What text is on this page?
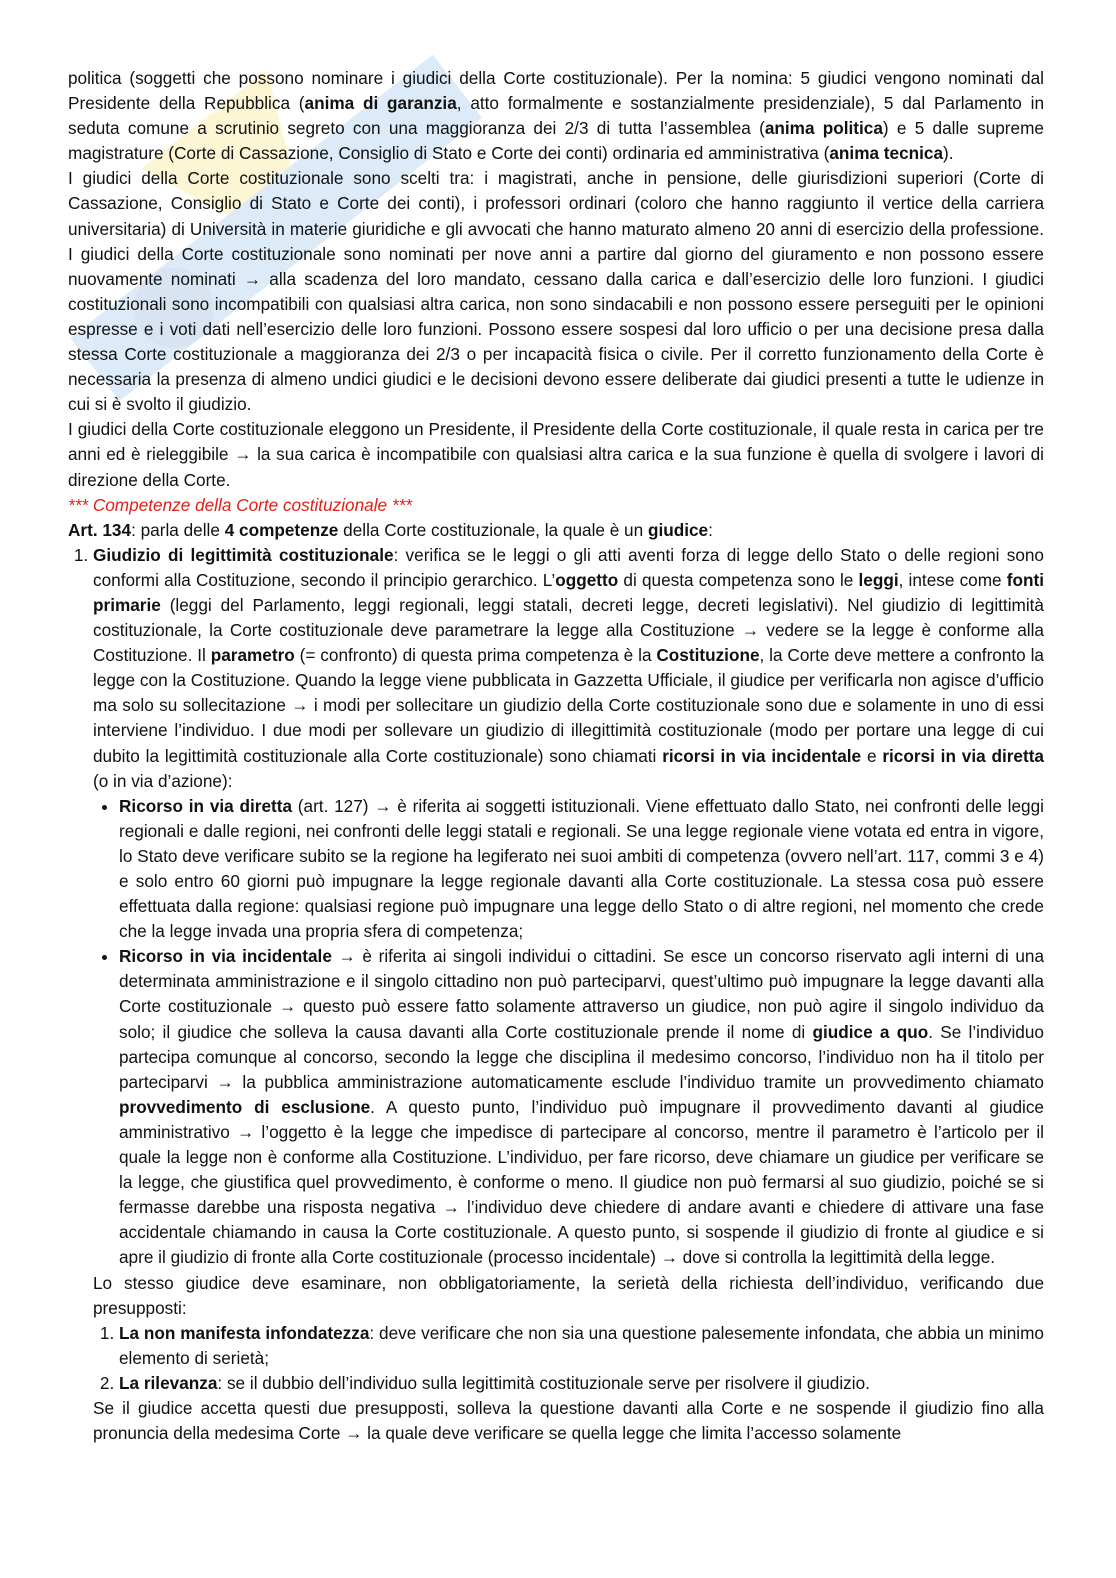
politica (soggetti che possono nominare i giudici della Corte costituzionale). Per la nomina: 5 giudici vengono nominati dal Presidente della Repubblica (anima di garanzia, atto formalmente e sostanzialmente presidenziale), 5 dal Parlamento in seduta comune a scrutinio segreto con una maggioranza dei 2/3 di tutta l’assemblea (anima politica) e 5 dalle supreme magistrature (Corte di Cassazione, Consiglio di Stato e Corte dei conti) ordinaria ed amministrativa (anima tecnica).

I giudici della Corte costituzionale sono scelti tra: i magistrati, anche in pensione, delle giurisdizioni superiori (Corte di Cassazione, Consiglio di Stato e Corte dei conti), i professori ordinari (coloro che hanno raggiunto il vertice della carriera universitaria) di Università in materie giuridiche e gli avvocati che hanno maturato almeno 20 anni di esercizio della professione. I giudici della Corte costituzionale sono nominati per nove anni a partire dal giorno del giuramento e non possono essere nuovamente nominati → alla scadenza del loro mandato, cessano dalla carica e dall’esercizio delle loro funzioni. I giudici costituzionali sono incompatibili con qualsiasi altra carica, non sono sindacabili e non possono essere perseguiti per le opinioni espresse e i voti dati nell’esercizio delle loro funzioni. Possono essere sospesi dal loro ufficio o per una decisione presa dalla stessa Corte costituzionale a maggioranza dei 2/3 o per incapacità fisica o civile. Per il corretto funzionamento della Corte è necessaria la presenza di almeno undici giudici e le decisioni devono essere deliberate dai giudici presenti a tutte le udienze in cui si è svolto il giudizio.

I giudici della Corte costituzionale eleggono un Presidente, il Presidente della Corte costituzionale, il quale resta in carica per tre anni ed è rieleggibile → la sua carica è incompatibile con qualsiasi altra carica e la sua funzione è quella di svolgere i lavori di direzione della Corte.

*** Competenze della Corte costituzionale ***

Art. 134: parla delle 4 competenze della Corte costituzionale, la quale è un giudice:

1. Giudizio di legittimità costituzionale: verifica se le leggi o gli atti aventi forza di legge dello Stato o delle regioni sono conformi alla Costituzione, secondo il principio gerarchico. L’oggetto di questa competenza sono le leggi, intese come fonti primarie (leggi del Parlamento, leggi regionali, leggi statali, decreti legge, decreti legislativi). Nel giudizio di legittimità costituzionale, la Corte costituzionale deve parametrare la legge alla Costituzione → vedere se la legge è conforme alla Costituzione. Il parametro (= confronto) di questa prima competenza è la Costituzione, la Corte deve mettere a confronto la legge con la Costituzione. Quando la legge viene pubblicata in Gazzetta Ufficiale, il giudice per verificarla non agisce d’ufficio ma solo su sollecitazione → i modi per sollecitare un giudizio della Corte costituzionale sono due e solamente in uno di essi interviene l’individuo. I due modi per sollevare un giudizio di illegittimità costituzionale (modo per portare una legge di cui dubito la legittimità costituzionale alla Corte costituzionale) sono chiamati ricorsi in via incidentale e ricorsi in via diretta (o in via d’azione):
• Ricorso in via diretta (art. 127) → è riferita ai soggetti istituzionali. Viene effettuato dallo Stato, nei confronti delle leggi regionali e dalle regioni, nei confronti delle leggi statali e regionali. Se una legge regionale viene votata ed entra in vigore, lo Stato deve verificare subito se la regione ha legiferato nei suoi ambiti di competenza (ovvero nell’art. 117, commi 3 e 4) e solo entro 60 giorni può impugnare la legge regionale davanti alla Corte costituzionale. La stessa cosa può essere effettuata dalla regione: qualsiasi regione può impugnare una legge dello Stato o di altre regioni, nel momento che crede che la legge invada una propria sfera di competenza;
• Ricorso in via incidentale → è riferita ai singoli individui o cittadini. Se esce un concorso riservato agli interni di una determinata amministrazione e il singolo cittadino non può parteciparvi, quest’ultimo può impugnare la legge davanti alla Corte costituzionale → questo può essere fatto solamente attraverso un giudice, non può agire il singolo individuo da solo; il giudice che solleva la causa davanti alla Corte costituzionale prende il nome di giudice a quo. Se l’individuo partecipa comunque al concorso, secondo la legge che disciplina il medesimo concorso, l’individuo non ha il titolo per parteciparvi → la pubblica amministrazione automaticamente esclude l’individuo tramite un provvedimento chiamato provvedimento di esclusione. A questo punto, l’individuo può impugnare il provvedimento davanti al giudice amministrativo → l’oggetto è la legge che impedisce di partecipare al concorso, mentre il parametro è l’articolo per il quale la legge non è conforme alla Costituzione. L’individuo, per fare ricorso, deve chiamare un giudice per verificare se la legge, che giustifica quel provvedimento, è conforme o meno. Il giudice non può fermarsi al suo giudizio, poiché se si fermasse darebbe una risposta negativa → l’individuo deve chiedere di andare avanti e chiedere di attivare una fase accidentale chiamando in causa la Corte costituzionale. A questo punto, si sospende il giudizio di fronte al giudice e si apre il giudizio di fronte alla Corte costituzionale (processo incidentale) → dove si controlla la legittimità della legge.

Lo stesso giudice deve esaminare, non obbligatoriamente, la serietà della richiesta dell’individuo, verificando due presupposti:

1. La non manifesta infondatezza: deve verificare che non sia una questione palesemente infondata, che abbia un minimo elemento di serietà;
2. La rilevanza: se il dubbio dell’individuo sulla legittimità costituzionale serve per risolvere il giudizio.

Se il giudice accetta questi due presupposti, solleva la questione davanti alla Corte e ne sospende il giudizio fino alla pronuncia della medesima Corte → la quale deve verificare se quella legge che limita l’accesso solamente
